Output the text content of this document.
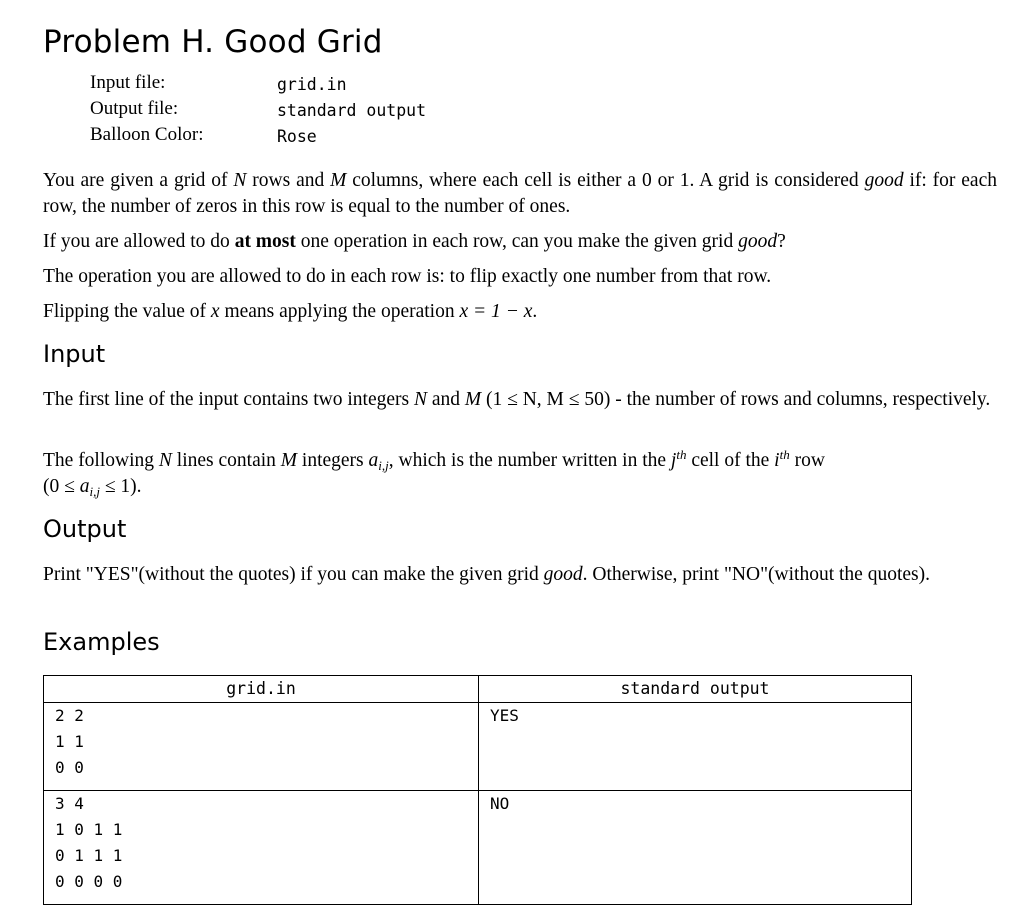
Problem H. Good Grid
Input file:	grid.in
Output file:	standard output
Balloon Color:	Rose
You are given a grid of N rows and M columns, where each cell is either a 0 or 1. A grid is considered good if: for each row, the number of zeros in this row is equal to the number of ones.
If you are allowed to do at most one operation in each row, can you make the given grid good?
The operation you are allowed to do in each row is: to flip exactly one number from that row.
Flipping the value of x means applying the operation x = 1 − x.
Input
The first line of the input contains two integers N and M (1 ≤ N, M ≤ 50) - the number of rows and columns, respectively.
The following N lines contain M integers $a_{i,j}$, which is the number written in the $j^{th}$ cell of the $i^{th}$ row
$(0 \le a_{i,j} \le 1)$.
Output
Print "YES"(without the quotes) if you can make the given grid good. Otherwise, print "NO"(without the quotes).
Examples
grid.in	standard output

2 2
1 1
0 0	YES

3 4
1 0 1 1
0 1 1 1
0 0 0 0	NO
